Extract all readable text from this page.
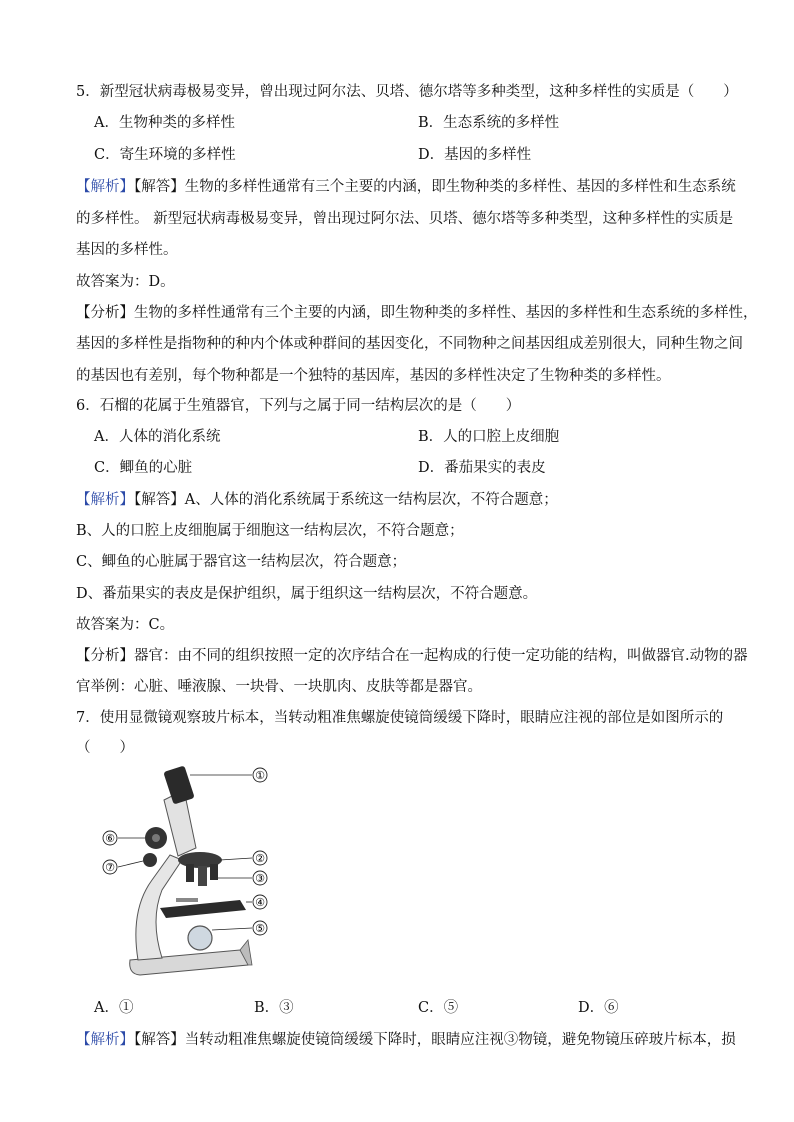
5．新型冠状病毒极易变异，曾出现过阿尔法、贝塔、德尔塔等多种类型，这种多样性的实质是（　　）
A．生物种类的多样性	B．生态系统的多样性
C．寄生环境的多样性	D．基因的多样性
【解析】【解答】生物的多样性通常有三个主要的内涵，即生物种类的多样性、基因的多样性和生态系统
的多样性。 新型冠状病毒极易变异，曾出现过阿尔法、贝塔、德尔塔等多种类型，这种多样性的实质是
基因的多样性。
故答案为：D。
【分析】生物的多样性通常有三个主要的内涵，即生物种类的多样性、基因的多样性和生态系统的多样性，
基因的多样性是指物种的种内个体或种群间的基因变化，不同物种之间基因组成差别很大，同种生物之间
的基因也有差别，每个物种都是一个独特的基因库，基因的多样性决定了生物种类的多样性。
6．石榴的花属于生殖器官，下列与之属于同一结构层次的是（　　）
A．人体的消化系统	B．人的口腔上皮细胞
C．鲫鱼的心脏	D．番茄果实的表皮
【解析】【解答】A、人体的消化系统属于系统这一结构层次，不符合题意；
B、人的口腔上皮细胞属于细胞这一结构层次，不符合题意；
C、鲫鱼的心脏属于器官这一结构层次，符合题意；
D、番茄果实的表皮是保护组织，属于组织这一结构层次，不符合题意。
故答案为：C。
【分析】器官：由不同的组织按照一定的次序结合在一起构成的行使一定功能的结构，叫做器官.动物的器
官举例：心脏、唾液腺、一块骨、一块肌肉、皮肤等都是器官。
7．使用显微镜观察玻片标本，当转动粗准焦螺旋使镜筒缓缓下降时，眼睛应注视的部位是如图所示的
（　　）
①
②
③
④
⑤
⑥
⑦
A．①	B．③	C．⑤	D．⑥
【解析】【解答】当转动粗准焦螺旋使镜筒缓缓下降时，眼睛应注视③物镜，避免物镜压碎玻片标本，损
